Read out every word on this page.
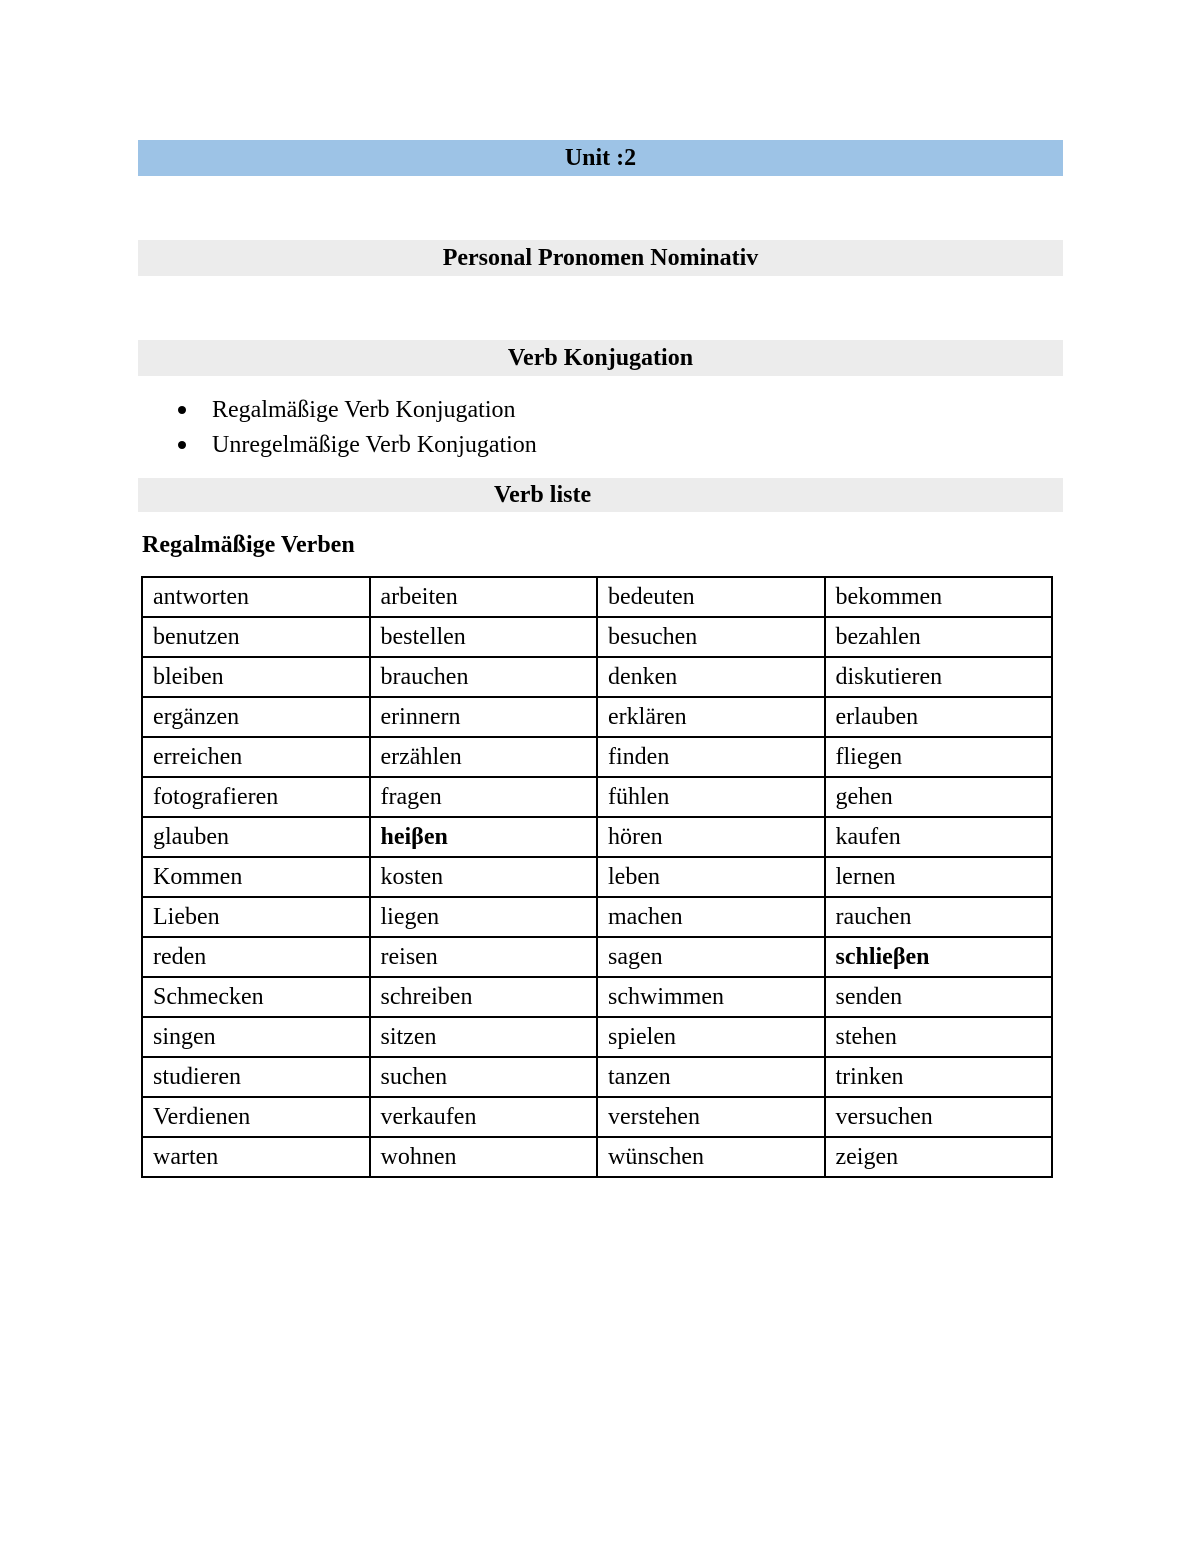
Unit :2
Personal Pronomen Nominativ
Verb Konjugation
Regalmäßige Verb Konjugation
Unregelmäßige Verb Konjugation
Verb liste
Regalmäßige Verben
antworten	arbeiten	bedeuten	bekommen
benutzen	bestellen	besuchen	bezahlen
bleiben	brauchen	denken	diskutieren
ergänzen	erinnern	erklären	erlauben
erreichen	erzählen	finden	fliegen
fotografieren	fragen	fühlen	gehen
glauben	heiβen	hören	kaufen
Kommen	kosten	leben	lernen
Lieben	liegen	machen	rauchen
reden	reisen	sagen	schlieβen
Schmecken	schreiben	schwimmen	senden
singen	sitzen	spielen	stehen
studieren	suchen	tanzen	trinken
Verdienen	verkaufen	verstehen	versuchen
warten	wohnen	wünschen	zeigen
